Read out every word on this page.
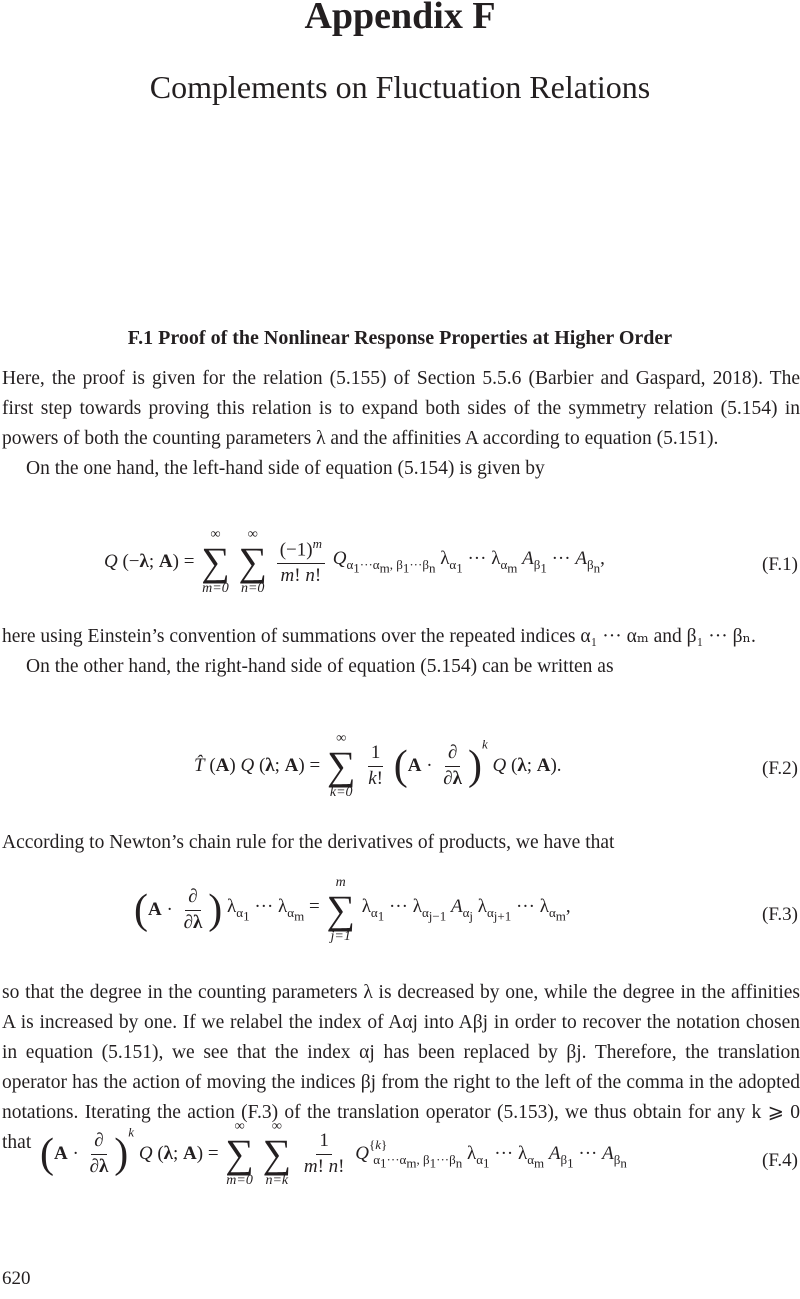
Appendix F
Complements on Fluctuation Relations
F.1 Proof of the Nonlinear Response Properties at Higher Order

Here, the proof is given for the relation (5.155) of Section 5.5.6 (Barbier and Gaspard, 2018). The first step towards proving this relation is to expand both sides of the symmetry relation (5.154) in powers of both the counting parameters λ and the affinities A according to equation (5.151).

On the one hand, the left-hand side of equation (5.154) is given by

Q (−λ; A) =
∞
∑
m=0

∞
∑
n=0

$\frac{(-1)^m}{m! n!} Q_{\alpha_1\cdot\cdot\cdot\alpha_m, \beta_1\cdot\cdot\cdot\beta_n}$ $\lambda_{\alpha_1}$ ··· $\lambda_{\alpha_m}$ $A_{\beta_1}$ ··· $A_{\beta_n}$,	(F.1)

here using Einstein’s convention of summations over the repeated indices α₁ ··· αₘ and β₁ ··· βₙ.

On the other hand, the right-hand side of equation (5.154) can be written as

T̂ (A) Q (λ; A) =
∞
∑
k=0

$\frac{1}{k!} (A \cdot \frac{\partial}{\partial\lambda} )^k$ Q (λ; A).	(F.2)

According to Newton’s chain rule for the derivatives of products, we have that

($A \cdot \frac{\partial}{\partial\lambda}$ ) $\lambda_{\alpha_1}$ ··· $\lambda_{\alpha_m}$ =
m
∑
j=1
$\lambda_{\alpha_1}$ ··· $\lambda_{\alpha_{j-1}}$ $A_{\alpha_j}$ $\lambda_{\alpha_{j+1}}$ ··· $\lambda_{\alpha_m}$,	(F.3)

so that the degree in the counting parameters λ is decreased by one, while the degree in the affinities A is increased by one. If we relabel the index of Aαj into Aβj in order to recover the notation chosen in equation (5.151), we see that the index αj has been replaced by βj. Therefore, the translation operator has the action of moving the indices βj from the right to the left of the comma in the adopted notations. Iterating the action (F.3) of the translation operator (5.153), we thus obtain for any k ⩾ 0 that $(A \cdot \frac{\partial}{\partial\lambda} )^k$ Q (λ; A) =
∞
∑
m=0

∞
∑
n=k

$\frac{1}{m! n!} Q^{\{k\}}_{\alpha_1\cdot\cdot\cdot\alpha_m, \beta_1\cdot\cdot\cdot\beta_n}$ $\lambda_{\alpha_1}$ ··· $\lambda_{\alpha_m}$ $A_{\beta_1}$ ··· $A_{\beta_n}$	(F.4)
620
